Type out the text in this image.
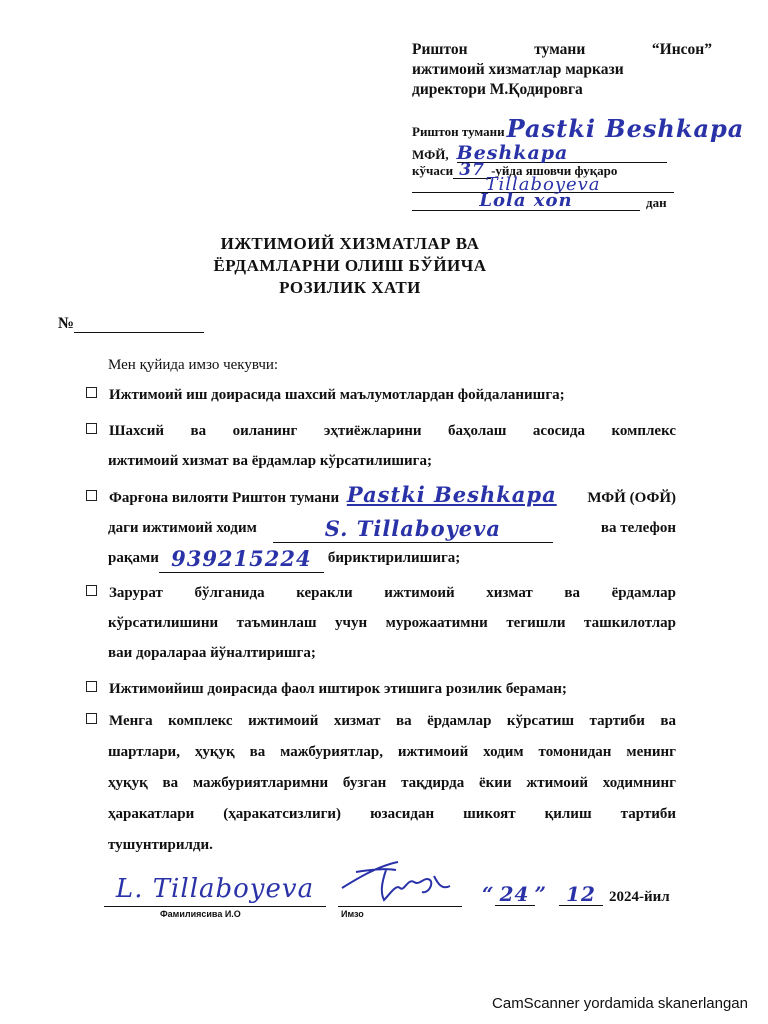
Риштон	тумани	“Инсон”
ижтимоий хизматлар маркази
директори М.Қодировга
Риштон тумани Pastki Beshkapa
МФЙ, Beshkapa
кўчаси 37 -уйда яшовчи фуқаро
Tillaboyeva
Lola xon	дан
ИЖТИМОИЙ ХИЗМАТЛАР ВА
ЁРДАМЛАРНИ ОЛИШ БЎЙИЧА
РОЗИЛИК ХАТИ
№
Мен қуйида имзо чекувчи:
Ижтимоий иш доирасида шахсий маълумотлардан фойдаланишга;
Шахсий ва оиланинг эҳтиёжларини баҳолаш асосида комплекс
ижтимоий хизмат ва ёрдамлар кўрсатилишига;
Фарғона вилояти Риштон тумани Pastki Beshkapa МФЙ (ОФЙ)
даги ижтимоий ходим	S. Tillaboyeva	ва телефон
рақами 939215224	бириктирилишига;
Зарурат бўлганида керакли ижтимоий хизмат ва ёрдамлар
кўрсатилишини таъминлаш учун мурожаатимни тегишли ташкилотлар
ваи доралараа йўналтиришга;
Ижтимоийиш доирасида фаол иштирок этишига розилик бераман;
Менга комплекс ижтимоий хизмат ва ёрдамлар кўрсатиш тартиби ва
шартлари, ҳуқуқ ва мажбуриятлар, ижтимоий ходим томонидан менинг
ҳуқуқ ва мажбуриятларимни бузган тақдирда ёкии жтимоий ходимнинг
ҳаракатлари (ҳаракатсизлиги) юзасидан шикоят қилиш тартиби
тушунтирилди.
L. Tillaboyeva
Фамилиясива И.О	Имзо
“ 24 ” 12 2024-йил
CamScanner yordamida skanerlangan
